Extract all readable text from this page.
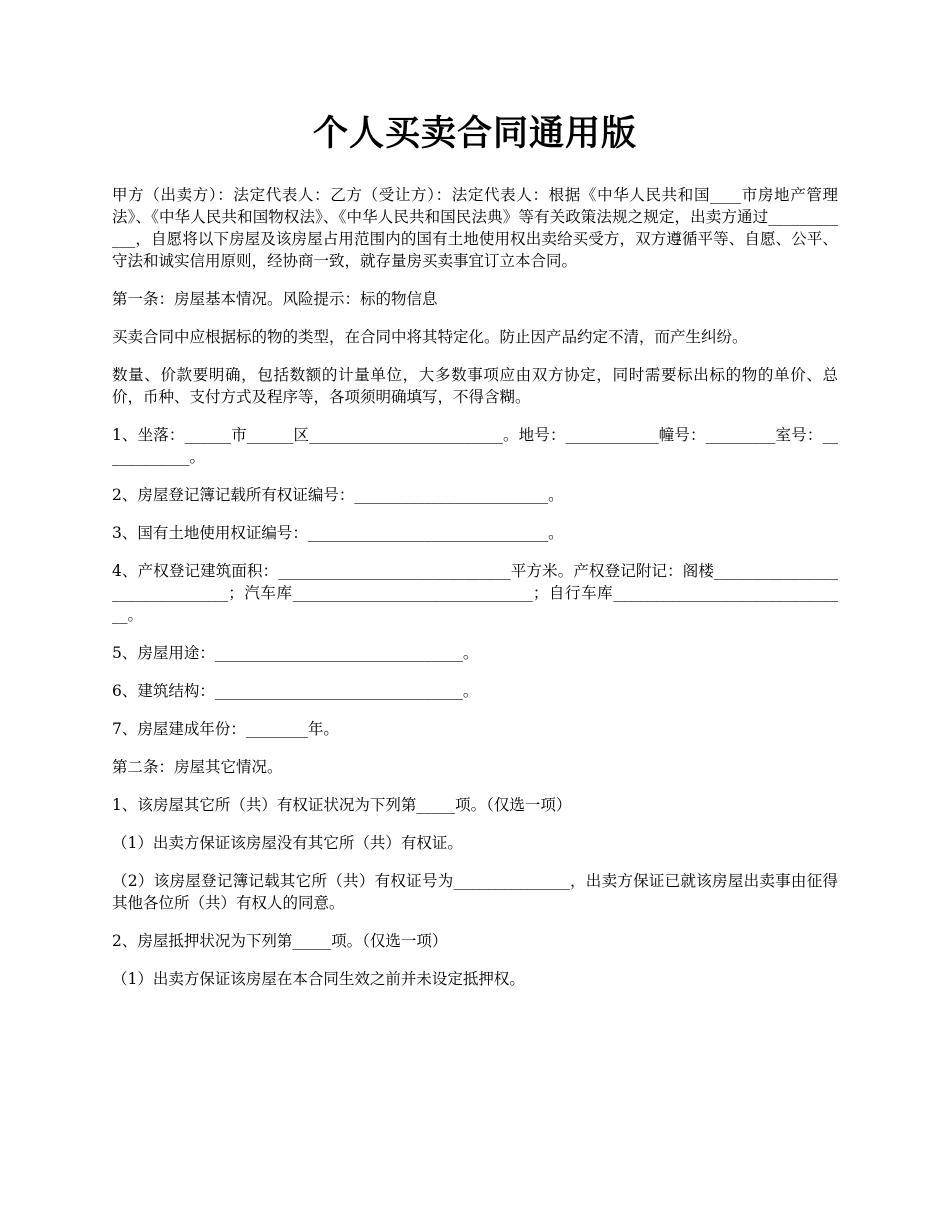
个人买卖合同通用版

甲方（出卖方）：法定代表人：乙方（受让方）：法定代表人：根据《中华人民共和国____市房地产管理法》、《中华人民共和国物权法》、《中华人民共和国民法典》等有关政策法规之规定，出卖方通过____________，自愿将以下房屋及该房屋占用范围内的国有土地使用权出卖给买受方，双方遵循平等、自愿、公平、守法和诚实信用原则，经协商一致，就存量房买卖事宜订立本合同。

第一条：房屋基本情况。风险提示：标的物信息

买卖合同中应根据标的物的类型，在合同中将其特定化。防止因产品约定不清，而产生纠纷。

数量、价款要明确，包括数额的计量单位，大多数事项应由双方协定，同时需要标出标的物的单价、总价，币种、支付方式及程序等，各项须明确填写，不得含糊。

1、坐落：______市______区_________________________。地号：____________幢号：_________室号：____________。

2、房屋登记簿记载所有权证编号：_________________________。

3、国有土地使用权证编号：_______________________________。

4、产权登记建筑面积：______________________________平方米。产权登记附记：阁楼_______________________________；汽车库_______________________________；自行车库_______________________________。

5、房屋用途：________________________________。

6、建筑结构：________________________________。

7、房屋建成年份：________年。

第二条：房屋其它情况。

1、该房屋其它所（共）有权证状况为下列第_____项。（仅选一项）

（1）出卖方保证该房屋没有其它所（共）有权证。

（2）该房屋登记簿记载其它所（共）有权证号为_______________，出卖方保证已就该房屋出卖事由征得其他各位所（共）有权人的同意。

2、房屋抵押状况为下列第_____项。（仅选一项）

（1）出卖方保证该房屋在本合同生效之前并未设定抵押权。
